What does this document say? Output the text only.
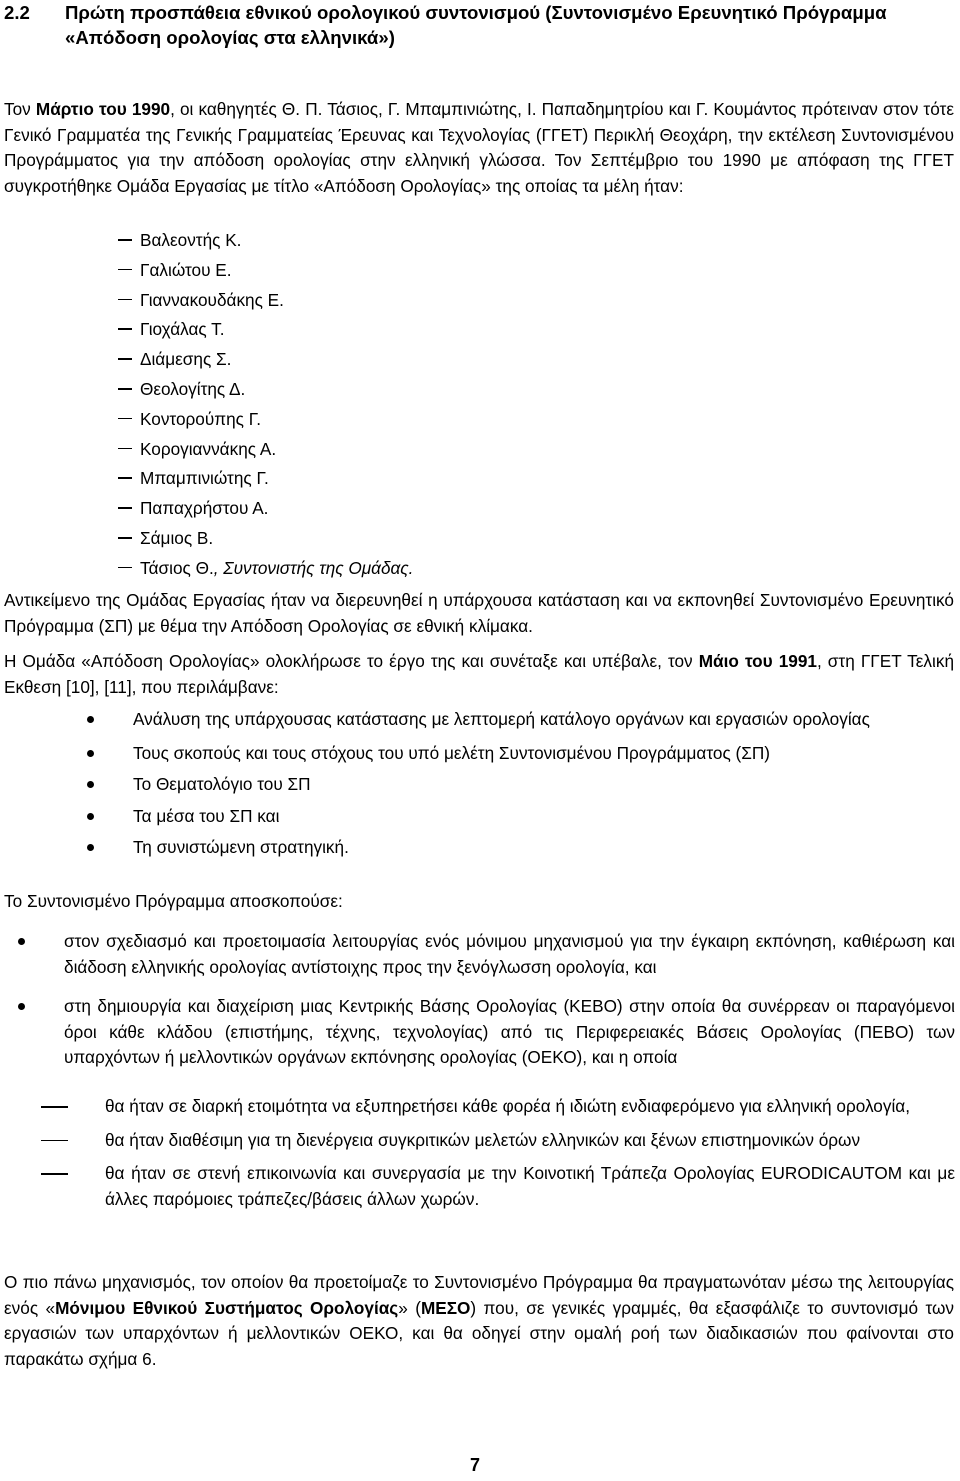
2.2 Πρώτη προσπάθεια εθνικού ορολογικού συντονισμού (Συντονισμένο Ερευνητικό Πρόγραμμα «Απόδοση ορολογίας στα ελληνικά»)
Τον Μάρτιο του 1990, οι καθηγητές Θ. Π. Τάσιος, Γ. Μπαμπινιώτης, Ι. Παπαδημητρίου και Γ. Κουμάντος πρότειναν στον τότε Γενικό Γραμματέα της Γενικής Γραμματείας Έρευνας και Τεχνολογίας (ΓΓΕΤ) Περικλή Θεοχάρη, την εκτέλεση Συντονισμένου Προγράμματος για την απόδοση ορολογίας στην ελληνική γλώσσα. Τον Σεπτέμβριο του 1990 με απόφαση της ΓΓΕΤ συγκροτήθηκε Ομάδα Εργασίας με τίτλο «Απόδοση Ορολογίας» της οποίας τα μέλη ήταν:
Βαλεοντής Κ.
Γαλιώτου Ε.
Γιαννακουδάκης Ε.
Γιοχάλας Τ.
Διάμεσης Σ.
Θεολογίτης Δ.
Κοντορούπης Γ.
Κορογιαννάκης Α.
Μπαμπινιώτης Γ.
Παπαχρήστου Α.
Σάμιος Β.
Τάσιος Θ., Συντονιστής της Ομάδας.
Αντικείμενο της Ομάδας Εργασίας ήταν να διερευνηθεί η υπάρχουσα κατάσταση και να εκπονηθεί Συντονισμένο Ερευνητικό Πρόγραμμα (ΣΠ) με θέμα την Απόδοση Ορολογίας σε εθνική κλίμακα.
Η Ομάδα «Απόδοση Ορολογίας» ολοκλήρωσε το έργο της και συνέταξε και υπέβαλε, τον Μάιο του 1991, στη ΓΓΕΤ Τελική Εκθεση [10], [11], που περιλάμβανε:
Ανάλυση της υπάρχουσας κατάστασης με λεπτομερή κατάλογο οργάνων και εργασιών ορολογίας
Τους σκοπούς και τους στόχους του υπό μελέτη Συντονισμένου Προγράμματος (ΣΠ)
Το Θεματολόγιο του ΣΠ
Τα μέσα του ΣΠ και
Τη συνιστώμενη στρατηγική.
Το Συντονισμένο Πρόγραμμα αποσκοπούσε:
στον σχεδιασμό και προετοιμασία λειτουργίας ενός μόνιμου μηχανισμού για την έγκαιρη εκπόνηση, καθιέρωση και διάδοση ελληνικής ορολογίας αντίστοιχης προς την ξενόγλωσση ορολογία, και
στη δημιουργία και διαχείριση μιας Κεντρικής Βάσης Ορολογίας (ΚΕΒΟ) στην οποία θα συνέρρεαν οι παραγόμενοι όροι κάθε κλάδου (επιστήμης, τέχνης, τεχνολογίας) από τις Περιφερειακές Βάσεις Ορολογίας (ΠΕΒΟ) των υπαρχόντων ή μελλοντικών οργάνων εκπόνησης ορολογίας (ΟΕΚΟ), και η οποία
θα ήταν σε διαρκή ετοιμότητα να εξυπηρετήσει κάθε φορέα ή ιδιώτη ενδιαφερόμενο για ελληνική ορολογία,
θα ήταν διαθέσιμη για τη διενέργεια συγκριτικών μελετών ελληνικών και ξένων επιστημονικών όρων
θα ήταν σε στενή επικοινωνία και συνεργασία με την Κοινοτική Τράπεζα Ορολογίας EURODICAUTOM και με άλλες παρόμοιες τράπεζες/βάσεις άλλων χωρών.
Ο πιο πάνω μηχανισμός, τον οποίον θα προετοίμαζε το Συντονισμένο Πρόγραμμα θα πραγματωνόταν μέσω της λειτουργίας ενός «Μόνιμου Εθνικού Συστήματος Ορολογίας» (ΜΕΣΟ) που, σε γενικές γραμμές, θα εξασφάλιζε το συντονισμό των εργασιών των υπαρχόντων ή μελλοντικών ΟΕΚΟ, και θα οδηγεί στην ομαλή ροή των διαδικασιών που φαίνονται στο παρακάτω σχήμα 6.
7
